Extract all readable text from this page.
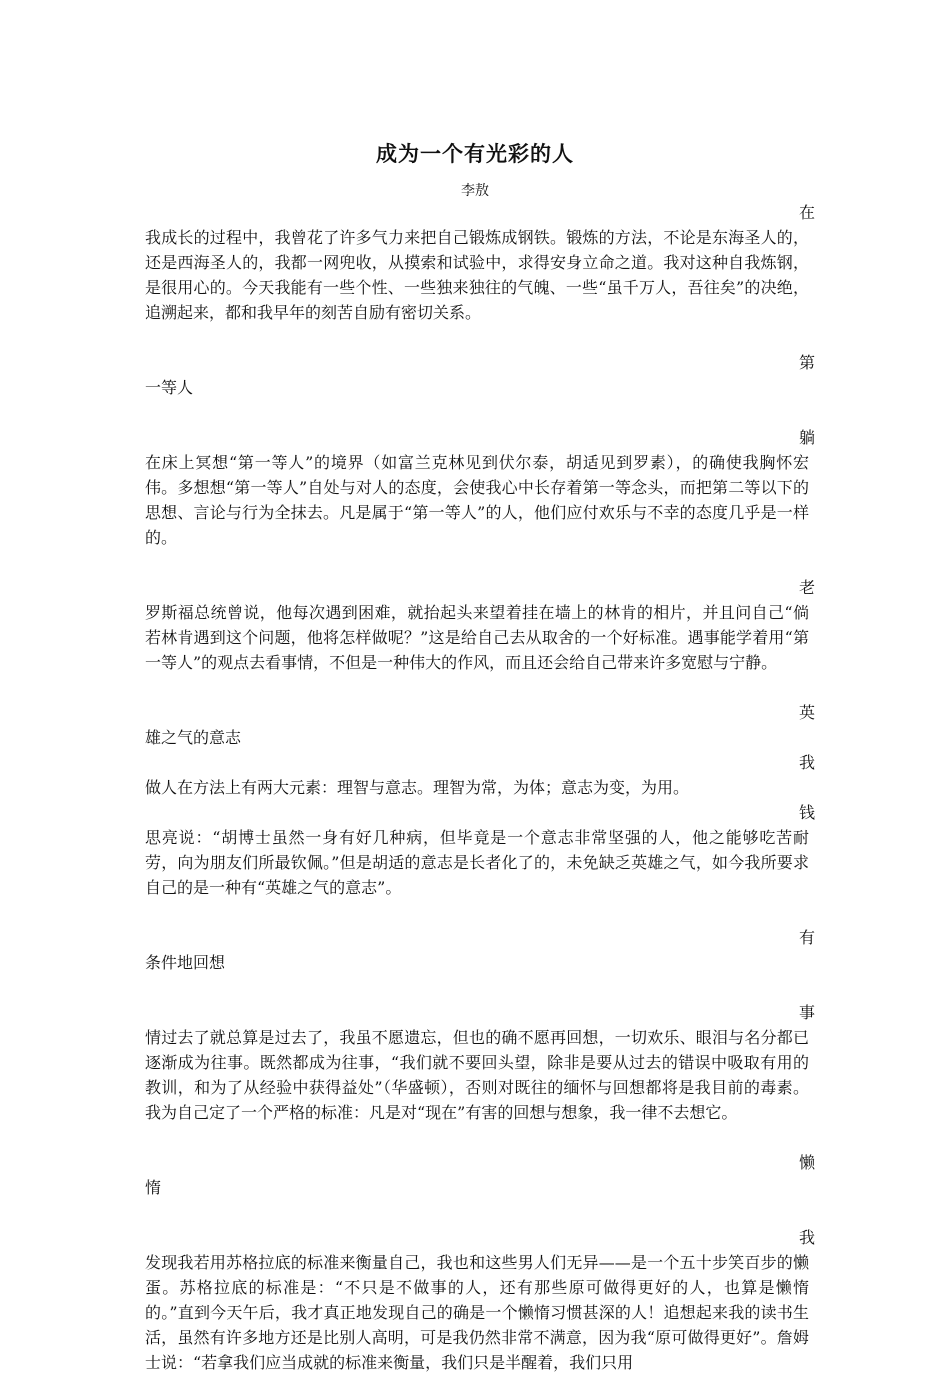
成为一个有光彩的人
李敖
在

我成长的过程中，我曾花了许多气力来把自己锻炼成钢铁。锻炼的方法，不论是东海圣人的，还是西海圣人的，我都一网兜收，从摸索和试验中，求得安身立命之道。我对这种自我炼钢，是很用心的。今天我能有一些个性、一些独来独往的气魄、一些“虽千万人，吾往矣”的决绝，追溯起来，都和我早年的刻苦自励有密切关系。

第

一等人

躺

在床上冥想“第一等人”的境界（如富兰克林见到伏尔泰，胡适见到罗素），的确使我胸怀宏伟。多想想“第一等人”自处与对人的态度，会使我心中长存着第一等念头，而把第二等以下的思想、言论与行为全抹去。凡是属于“第一等人”的人，他们应付欢乐与不幸的态度几乎是一样的。

老

罗斯福总统曾说，他每次遇到困难，就抬起头来望着挂在墙上的林肯的相片，并且问自己“倘若林肯遇到这个问题，他将怎样做呢？”这是给自己去从取舍的一个好标准。遇事能学着用“第一等人”的观点去看事情，不但是一种伟大的作风，而且还会给自己带来许多宽慰与宁静。

英

雄之气的意志

我

做人在方法上有两大元素：理智与意志。理智为常，为体；意志为变，为用。

钱

思亮说：“胡博士虽然一身有好几种病，但毕竟是一个意志非常坚强的人，他之能够吃苦耐劳，向为朋友们所最钦佩。”但是胡适的意志是长者化了的，未免缺乏英雄之气，如今我所要求自己的是一种有“英雄之气的意志”。

有

条件地回想

事

情过去了就总算是过去了，我虽不愿遗忘，但也的确不愿再回想，一切欢乐、眼泪与名分都已逐渐成为往事。既然都成为往事，“我们就不要回头望，除非是要从过去的错误中吸取有用的教训，和为了从经验中获得益处”（华盛顿），否则对既往的缅怀与回想都将是我目前的毒素。我为自己定了一个严格的标准：凡是对“现在”有害的回想与想象，我一律不去想它。

懒

惰

我

发现我若用苏格拉底的标准来衡量自己，我也和这些男人们无异——是一个五十步笑百步的懒蛋。苏格拉底的标准是：“不只是不做事的人，还有那些原可做得更好的人，也算是懒惰的。”直到今天午后，我才真正地发现自己的确是一个懒惰习惯甚深的人！追想起来我的读书生活，虽然有许多地方还是比别人高明，可是我仍然非常不满意，因为我“原可做得更好”。詹姆士说：“若拿我们应当成就的标准来衡量，我们只是半醒着，我们只用
